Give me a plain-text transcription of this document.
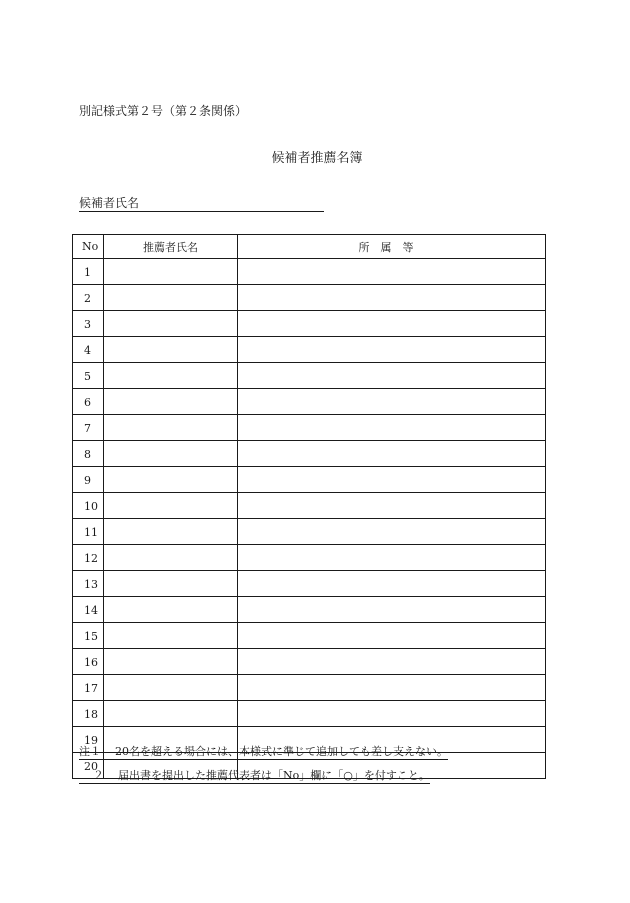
別記様式第２号（第２条関係）
候補者推薦名簿
候補者氏名
No	推薦者氏名	所属等
1		
2		
3		
4		
5		
6		
7		
8		
9		
10		
11		
12		
13		
14		
15		
16		
17		
18		
19		
20		
注１ 20名を超える場合には、本様式に準じて追加しても差し支えない。
２ 届出書を提出した推薦代表者は「No」欄に「○」を付すこと。
